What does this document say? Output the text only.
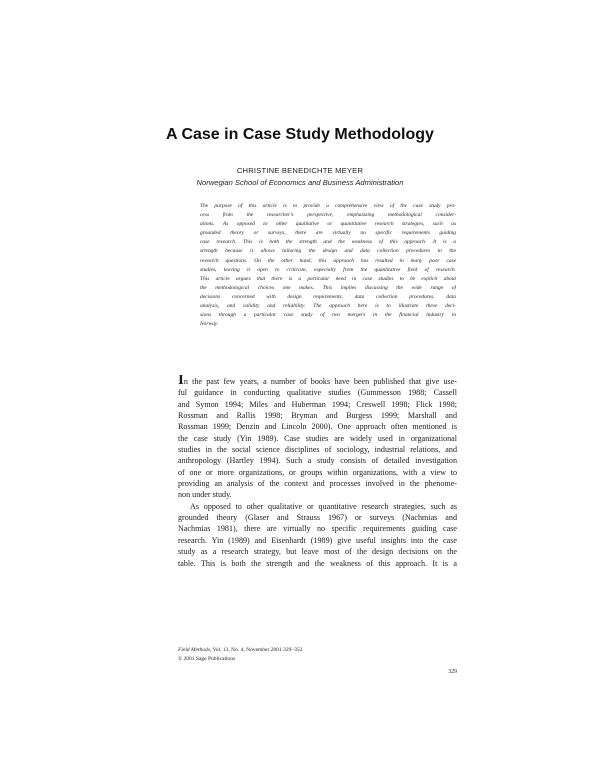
A Case in Case Study Methodology
CHRISTINE BENEDICHTE MEYER
Norwegian School of Economics and Business Administration
The purpose of this article is to provide a comprehensive view of the case study pro-
cess from the researcher’s perspective, emphasizing methodological consider-
ations. As opposed to other qualitative or quantitative research strategies, such as
grounded theory or surveys, there are virtually no specific requirements guiding
case research. This is both the strength and the weakness of this approach. It is a
strength because it allows tailoring the design and data collection procedures to the
research questions. On the other hand, this approach has resulted in many poor case
studies, leaving it open to criticism, especially from the quantitative field of research.
This article argues that there is a particular need in case studies to be explicit about
the methodological choices one makes. This implies discussing the wide range of
decisions concerned with design requirements, data collection procedures, data
analysis, and validity and reliability. The approach here is to illustrate these deci-
sions through a particular case study of two mergers in the financial industry in
Norway.
In the past few years, a number of books have been published that give use-
ful guidance in conducting qualitative studies (Gummesson 1988; Cassell
and Symon 1994; Miles and Huberman 1994; Creswell 1998; Flick 1998;
Rossman and Rallis 1998; Bryman and Burgess 1999; Marshall and
Rossman 1999; Denzin and Lincoln 2000). One approach often mentioned is
the case study (Yin 1989). Case studies are widely used in organizational
studies in the social science disciplines of sociology, industrial relations, and
anthropology (Hartley 1994). Such a study consists of detailed investigation
of one or more organizations, or groups within organizations, with a view to
providing an analysis of the context and processes involved in the phenome-
non under study.
As opposed to other qualitative or quantitative research strategies, such as
grounded theory (Glaser and Strauss 1967) or surveys (Nachmias and
Nachmias 1981), there are virtually no specific requirements guiding case
research. Yin (1989) and Eisenhardt (1989) give useful insights into the case
study as a research strategy, but leave most of the design decisions on the
table. This is both the strength and the weakness of this approach. It is a
Field Methods, Vol. 13, No. 4, November 2001 329–352
© 2001 Sage Publications
329
